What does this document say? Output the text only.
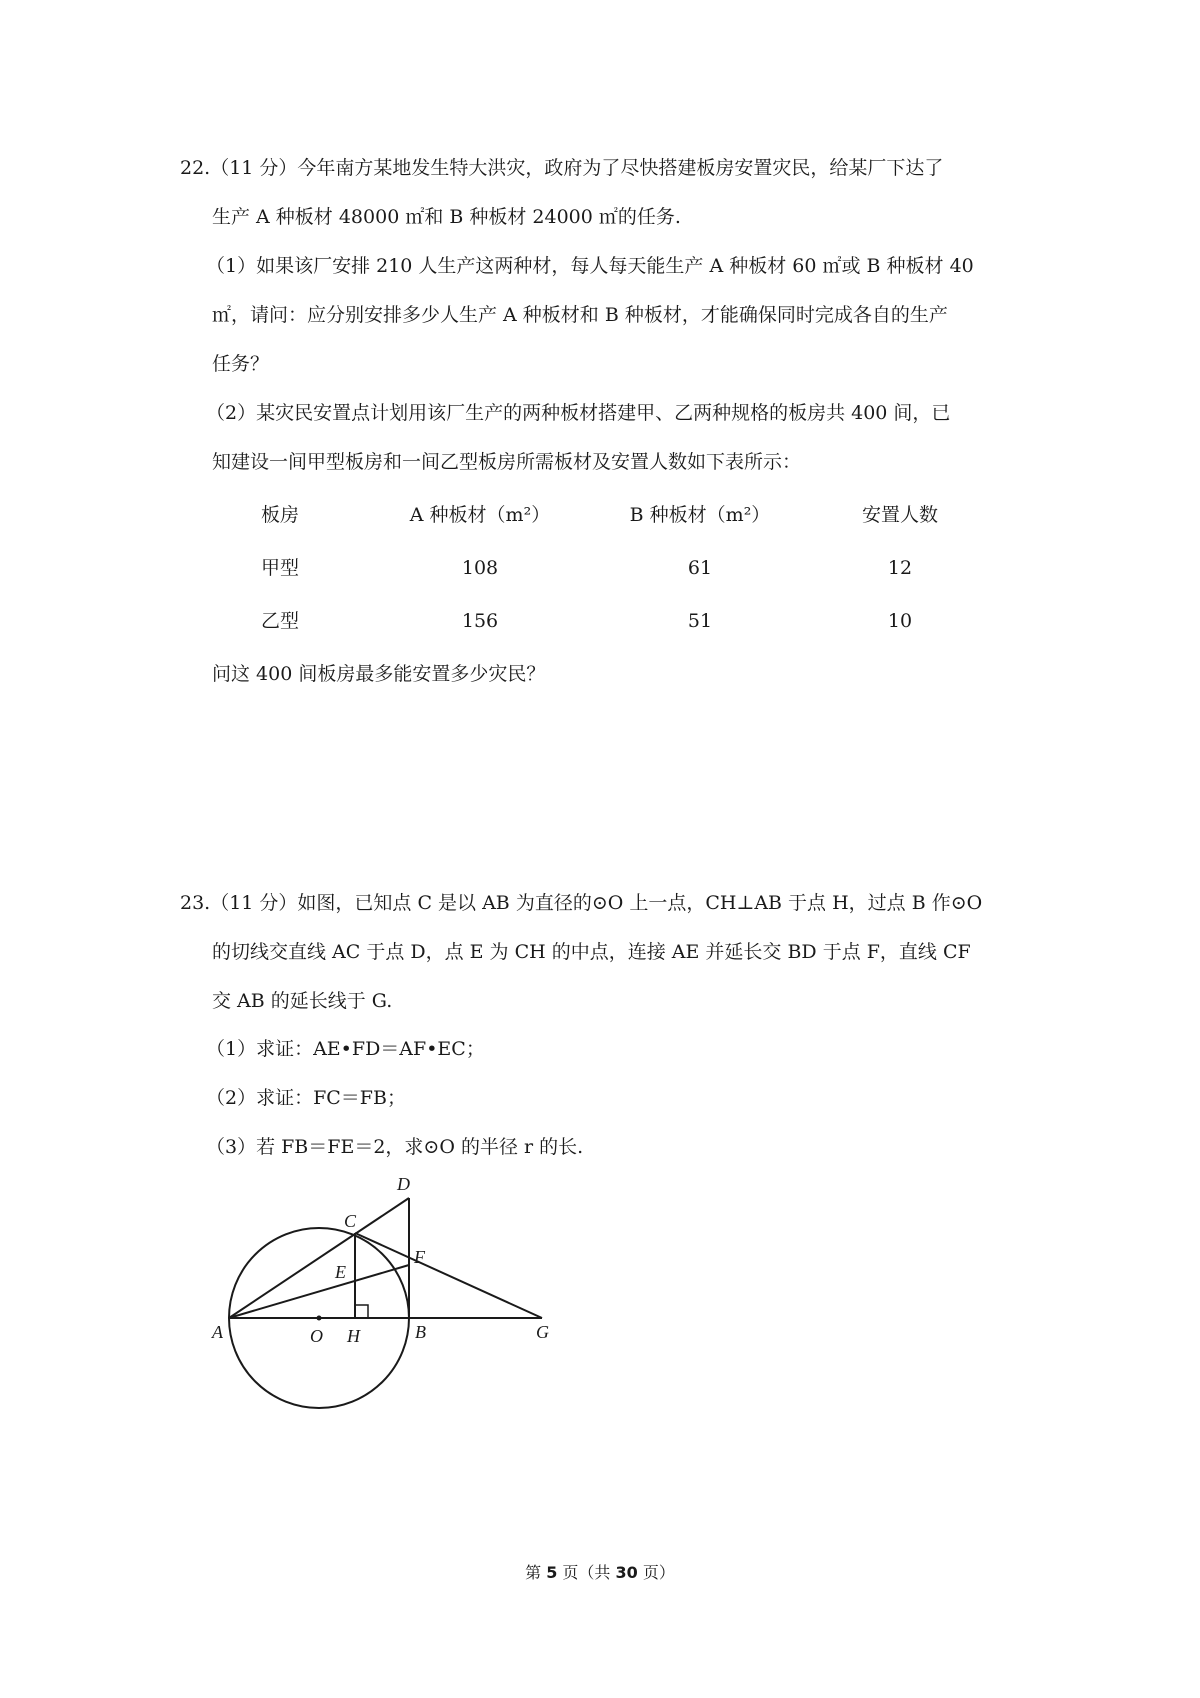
22.（11 分）今年南方某地发生特大洪灾，政府为了尽快搭建板房安置灾民，给某厂下达了
生产 A 种板材 48000 ㎡和 B 种板材 24000 ㎡的任务.
（1）如果该厂安排 210 人生产这两种材，每人每天能生产 A 种板材 60 ㎡或 B 种板材 40
㎡，请问：应分别安排多少人生产 A 种板材和 B 种板材，才能确保同时完成各自的生产
任务？
（2）某灾民安置点计划用该厂生产的两种板材搭建甲、乙两种规格的板房共 400 间，已
知建设一间甲型板房和一间乙型板房所需板材及安置人数如下表所示：
板房	A 种板材（m²）	B 种板材（m²）	安置人数
甲型	108	61	12
乙型	156	51	10
问这 400 间板房最多能安置多少灾民？
23.（11 分）如图，已知点 C 是以 AB 为直径的⊙O 上一点，CH⊥AB 于点 H，过点 B 作⊙O
的切线交直线 AC 于点 D，点 E 为 CH 的中点，连接 AE 并延长交 BD 于点 F，直线 CF
交 AB 的延长线于 G.
（1）求证：AE•FD＝AF•EC；
（2）求证：FC＝FB；
（3）若 FB＝FE＝2，求⊙O 的半径 r 的长.
A	B
C
D
E
F
G
H
O
第 5 页（共 30 页）
